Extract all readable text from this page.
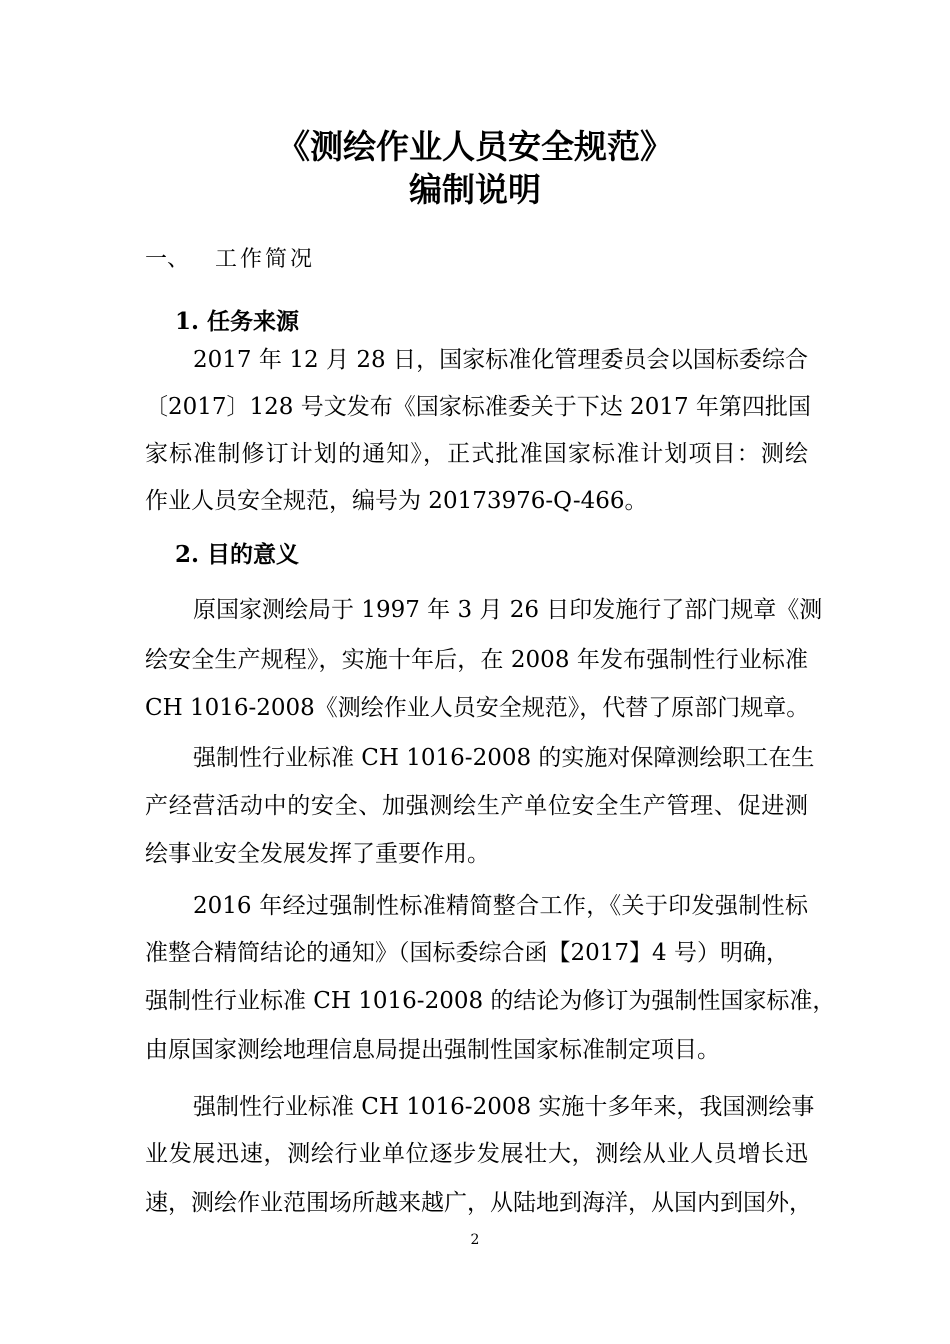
《测绘作业人员安全规范》
编制说明
一、 工作简况
1. 任务来源
2017 年 12 月 28 日，国家标准化管理委员会以国标委综合
〔2017〕128 号文发布《国家标准委关于下达 2017 年第四批国
家标准制修订计划的通知》，正式批准国家标准计划项目：测绘
作业人员安全规范，编号为 20173976-Q-466。
2. 目的意义
原国家测绘局于 1997 年 3 月 26 日印发施行了部门规章《测
绘安全生产规程》，实施十年后，在 2008 年发布强制性行业标准
CH 1016-2008《测绘作业人员安全规范》，代替了原部门规章。
强制性行业标准 CH 1016-2008 的实施对保障测绘职工在生
产经营活动中的安全、加强测绘生产单位安全生产管理、促进测
绘事业安全发展发挥了重要作用。
2016 年经过强制性标准精简整合工作，《关于印发强制性标
准整合精简结论的通知》（国标委综合函【2017】4 号）明确，
强制性行业标准 CH 1016-2008 的结论为修订为强制性国家标准，
由原国家测绘地理信息局提出强制性国家标准制定项目。
强制性行业标准 CH 1016-2008 实施十多年来，我国测绘事
业发展迅速，测绘行业单位逐步发展壮大，测绘从业人员增长迅
速，测绘作业范围场所越来越广，从陆地到海洋，从国内到国外，
2
